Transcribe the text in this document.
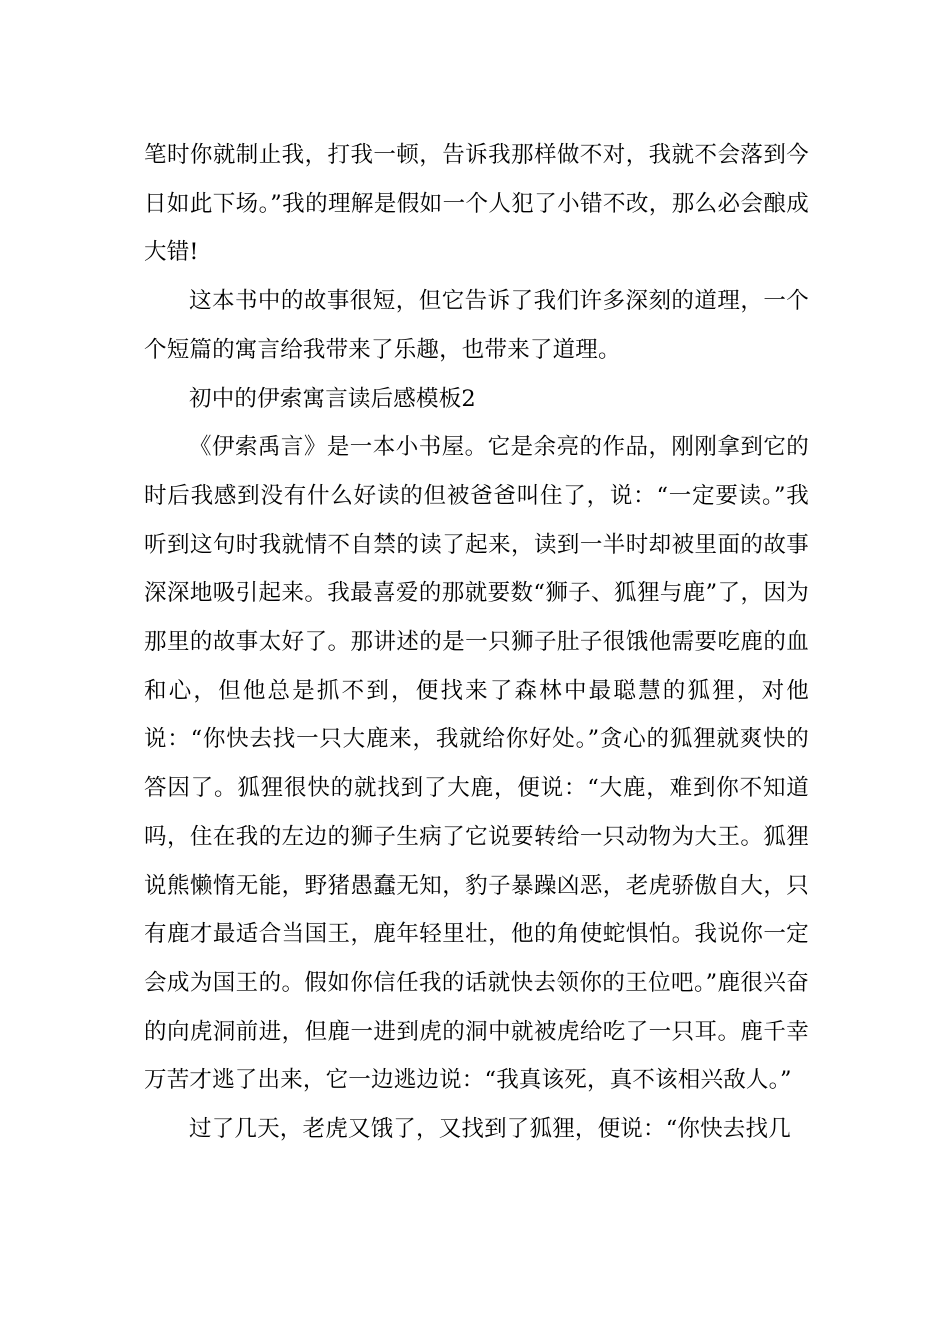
笔时你就制止我，打我一顿，告诉我那样做不对，我就不会落到今日如此下场。”我的理解是假如一个人犯了小错不改，那么必会酿成大错!

这本书中的故事很短，但它告诉了我们许多深刻的道理，一个个短篇的寓言给我带来了乐趣，也带来了道理。

初中的伊索寓言读后感模板2

《伊索禹言》是一本小书屋。它是余亮的作品，刚刚拿到它的时后我感到没有什么好读的但被爸爸叫住了，说：“一定要读。”我听到这句时我就情不自禁的读了起来，读到一半时却被里面的故事深深地吸引起来。我最喜爱的那就要数“狮子、狐狸与鹿”了，因为那里的故事太好了。那讲述的是一只狮子肚子很饿他需要吃鹿的血和心，但他总是抓不到，便找来了森林中最聪慧的狐狸，对他说：“你快去找一只大鹿来，我就给你好处。”贪心的狐狸就爽快的答因了。狐狸很快的就找到了大鹿，便说：“大鹿，难到你不知道吗，住在我的左边的狮子生病了它说要转给一只动物为大王。狐狸说熊懒惰无能，野猪愚蠢无知，豹子暴躁凶恶，老虎骄傲自大，只有鹿才最适合当国王，鹿年轻里壮，他的角使蛇惧怕。我说你一定会成为国王的。假如你信任我的话就快去领你的王位吧。”鹿很兴奋的向虎洞前进，但鹿一进到虎的洞中就被虎给吃了一只耳。鹿千幸万苦才逃了出来，它一边逃边说：“我真该死，真不该相兴敌人。”

过了几天，老虎又饿了，又找到了狐狸，便说：“你快去找几
